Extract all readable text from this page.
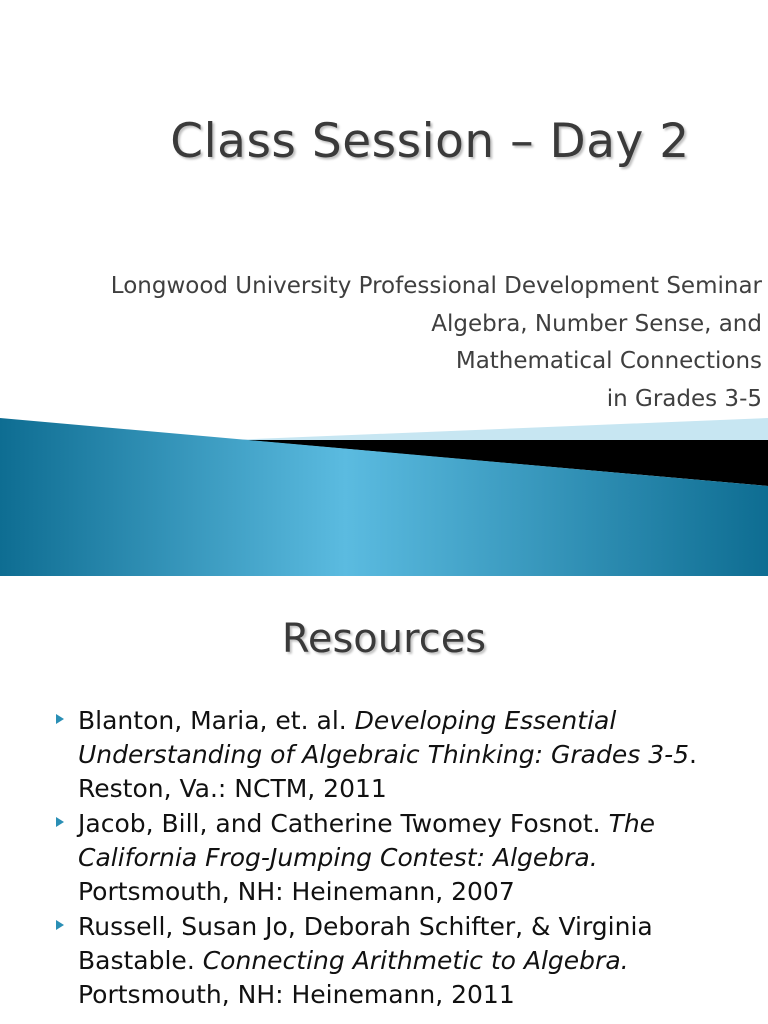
Class Session – Day 2
Longwood University Professional Development Seminar
Algebra, Number Sense, and
Mathematical Connections
in Grades 3-5
Resources
Blanton, Maria, et. al. Developing Essential Understanding of Algebraic Thinking: Grades 3-5. Reston, Va.: NCTM, 2011
Jacob, Bill, and Catherine Twomey Fosnot. The California Frog-Jumping Contest: Algebra. Portsmouth, NH: Heinemann, 2007
Russell, Susan Jo, Deborah Schifter, & Virginia Bastable. Connecting Arithmetic to Algebra. Portsmouth, NH: Heinemann, 2011
